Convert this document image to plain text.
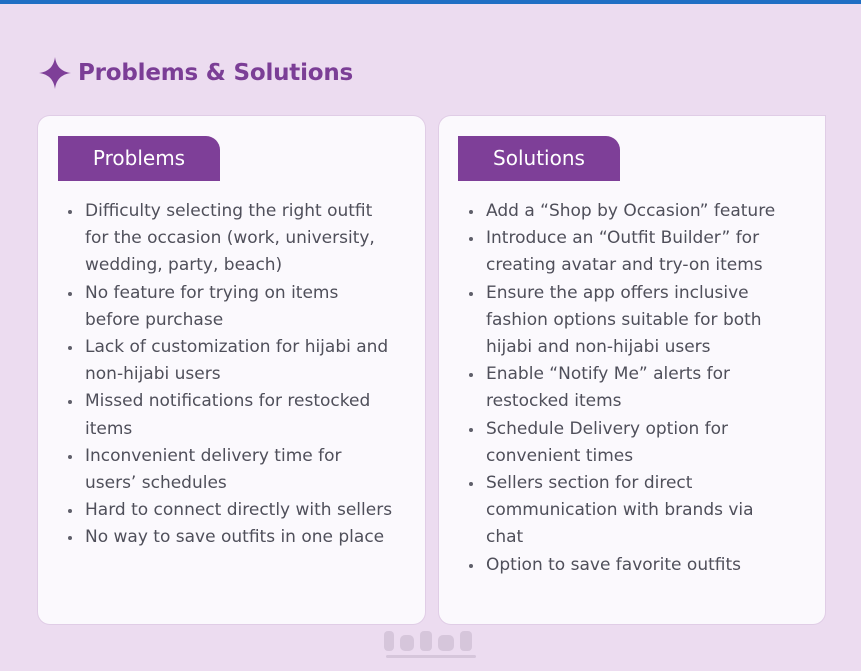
Problems & Solutions
Problems
Difficulty selecting the right outfit for the occasion (work, university, wedding, party, beach)
No feature for trying on items before purchase
Lack of customization for hijabi and non-hijabi users
Missed notifications for restocked items
Inconvenient delivery time for users’ schedules
Hard to connect directly with sellers
No way to save outfits in one place
Solutions
Add a “Shop by Occasion” feature
Introduce an “Outfit Builder” for creating avatar and try-on items
Ensure the app offers inclusive fashion options suitable for both hijabi and non-hijabi users
Enable “Notify Me” alerts for restocked items
Schedule Delivery option for convenient times
Sellers section for direct communication with brands via chat
Option to save favorite outfits
